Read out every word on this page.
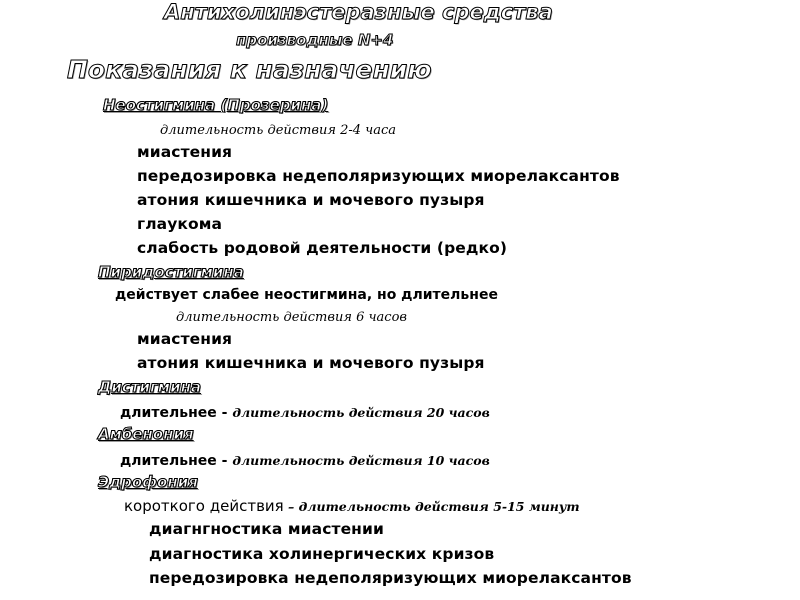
Антихолинэстеразные средства
производные N+4
Показания к назначению
Неостигмина (Прозерина)
длительность действия 2-4 часа
миастения
передозировка недеполяризующих миорелаксантов
атония кишечника и мочевого пузыря
глаукома
слабость родовой деятельности (редко)
Пиридостигмина
действует слабее неостигмина, но длительнее
длительность действия 6 часов
миастения
атония кишечника и мочевого пузыря
Дистигмина
длительнее - длительность действия 20 часов
Амбенония
длительнее - длительность действия 10 часов
Эдрофония
короткого действия – длительность действия 5-15 минут
диагнгностика миастении
диагностика холинергических кризов
передозировка недеполяризующих миорелаксантов
